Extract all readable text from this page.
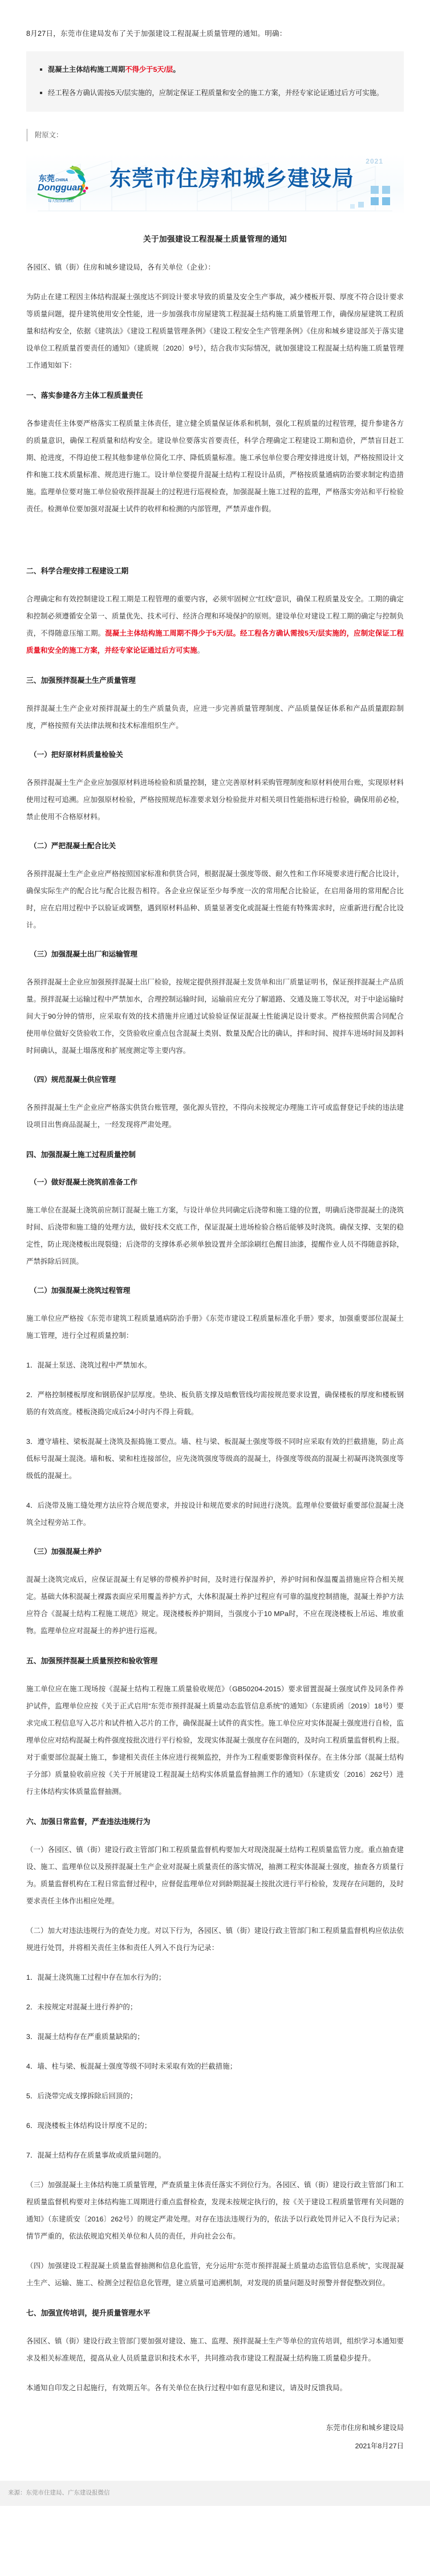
8月27日，东莞市住建局发布了关于加强建设工程混凝土质量管理的通知。明确：

混凝土主体结构施工周期不得少于5天/层。
经工程各方确认需按5天/层实施的，应制定保证工程质量和安全的施工方案，并经专家论证通过后方可实施。
附原文：
2021
东莞 CHINA
Dongguan
每天绽放新精彩
东莞市住房和城乡建设局
关于加强建设工程混凝土质量管理的通知

各园区、镇（街）住房和城乡建设局，各有关单位（企业）：

为防止在建工程因主体结构混凝土强度达不到设计要求导致的质量及安全生产事故，减少楼板开裂、厚度不符合设计要求等质量问题，提升建筑使用安全性能，进一步加强我市房屋建筑工程混凝土结构施工质量管理工作，确保房屋建筑工程质量和结构安全，依据《建筑法》《建设工程质量管理条例》《建设工程安全生产管理条例》《住房和城乡建设部关于落实建设单位工程质量首要责任的通知》（建质规〔2020〕9号），结合我市实际情况，就加强建设工程混凝土结构施工质量管理工作通知如下：

一、落实参建各方主体工程质量责任

各参建责任主体要严格落实工程质量主体责任，建立健全质量保证体系和机制，强化工程质量的过程管理，提升参建各方的质量意识，确保工程质量和结构安全。建设单位要落实首要责任，科学合理确定工程建设工期和造价，严禁盲目赶工期、抢进度，不得迫使工程其他参建单位简化工序、降低质量标准。施工承包单位要合理安排进度计划，严格按照设计文件和施工技术质量标准、规范进行施工。设计单位要提升混凝土结构工程设计品质，严格按质量通病防治要求制定构造措施。监理单位要对施工单位验收预拌混凝土的过程进行巡视检查，加强混凝土施工过程的监理，严格落实旁站和平行检验责任。检测单位要加强对混凝土试件的收样和检测的内部管理，严禁弄虚作假。

二、科学合理安排工程建设工期

合理确定和有效控制建设工程工期是工程管理的重要内容，必须牢固树立“红线”意识，确保工程质量及安全。工期的确定和控制必须遵循安全第一、质量优先、技术可行、经济合理和环境保护的原则。建设单位对建设工程工期的确定与控制负责，不得随意压缩工期。混凝土主体结构施工周期不得少于5天/层。经工程各方确认需按5天/层实施的，应制定保证工程质量和安全的施工方案，并经专家论证通过后方可实施。

三、加强预拌混凝土生产质量管理

预拌混凝土生产企业对预拌混凝土的生产质量负责，应进一步完善质量管理制度、产品质量保证体系和产品质量跟踪制度，严格按照有关法律法规和技术标准组织生产。

（一）把好原材料质量检验关

各预拌混凝土生产企业应加强原材料进场检验和质量控制，建立完善原材料采购管理制度和原材料使用台账，实现原材料使用过程可追溯。应加强原材检验，严格按照规范标准要求划分检验批并对相关项目性能指标进行检验，确保用前必检，禁止使用不合格原材料。

（二）严把混凝土配合比关

各预拌混凝土生产企业应严格按照国家标准和供货合同，根据混凝土强度等级、耐久性和工作环境要求进行配合比设计，确保实际生产的配合比与配合比报告相符。各企业应保证至少每季度一次的常用配合比验证，在启用备用的常用配合比时，应在启用过程中予以验证或调整，遇到原材料品种、质量显著变化或混凝土性能有特殊需求时，应重新进行配合比设计。

（三）加强混凝土出厂和运输管理

各预拌混凝土企业应加强预拌混凝土出厂检验，按规定提供预拌混凝土发货单和出厂质量证明书，保证预拌混凝土产品质量。预拌混凝土运输过程中严禁加水，合理控制运输时间，运输前应充分了解道路、交通及施工等状况，对于中途运输时间大于90分钟的情形，应采取有效的技术措施并应通过试验验证保证混凝土性能满足设计要求。严格按照供需合同配合使用单位做好交货验收工作，交货验收应重点包含混凝土类别、数量及配合比的确认，拌和时间、搅拌车进场时间及卸料时间确认，混凝土塌落度和扩展度测定等主要内容。

（四）规范混凝土供应管理

各预拌混凝土生产企业应严格落实供货台账管理，强化源头管控，不得向未按规定办理施工许可或监督登记手续的违法建设项目出售商品混凝土，一经发现将严肃处理。

四、加强混凝土施工过程质量控制
（一）做好混凝土浇筑前准备工作

施工单位在混凝土浇筑前应制订混凝土施工方案，与设计单位共同确定后浇带和施工缝的位置，明确后浇带混凝土的浇筑时间、后浇带和施工缝的处理方法，做好技术交底工作，保证混凝土进场检验合格后能够及时浇筑。确保支撑、支架的稳定性，防止现浇楼板出现裂缝；后浇带的支撑体系必须单独设置并全部涂刷红色醒目油漆，提醒作业人员不得随意拆除，严禁拆除后回顶。

（二）加强混凝土浇筑过程管理

施工单位应严格按《东莞市建筑工程质量通病防治手册》《东莞市建设工程质量标准化手册》要求，加强重要部位混凝土施工管理，进行全过程质量控制：

1．混凝土泵送、浇筑过程中严禁加水。

2．严格控制楼板厚度和钢筋保护层厚度。垫块、板负筋支撑及暗敷管线均需按规范要求设置，确保楼板的厚度和楼板钢筋的有效高度。楼板浇捣完成后24小时内不得上荷载。

3．遵守墙柱、梁板混凝土浇筑及振捣施工要点。墙、柱与梁、板混凝土强度等级不同时应采取有效的拦截措施，防止高低标号混凝土混浇。墙和板、梁和柱连接部位，应先浇筑强度等级高的混凝土，待强度等级高的混凝土初凝再浇筑强度等级低的混凝土。

4．后浇带及施工缝处理方法应符合规范要求，并按设计和规范要求的时间进行浇筑。监理单位要做好重要部位混凝土浇筑全过程旁站工作。

（三）加强混凝土养护

混凝土浇筑完成后，应保证混凝土有足够的带模养护时间，及时进行保湿养护，养护时间和保温覆盖措施应符合相关规定。基础大体积混凝土裸露表面应采用覆盖养护方式，大体积混凝土养护过程应有可靠的温度控制措施，混凝土养护方法应符合《混凝土结构工程施工规范》规定。现浇楼板养护期间，当强度小于10 MPa时，不应在现浇楼板上吊运、堆放重物。监理单位应对混凝土的养护进行巡视。

五、加强预拌混凝土质量预控和验收管理

施工单位应在施工现场按《混凝土结构工程施工质量验收规范》（GB50204-2015）要求留置混凝土强度试件及同条件养护试件，监理单位应按《关于正式启用“东莞市预拌混凝土质量动态监管信息系统”的通知》（东建质函〔2019〕18号）要求完成工程信息写入芯片和试件植入芯片的工作，确保混凝土试件的真实性。施工单位应对实体混凝土强度进行自检，监理单位应对结构混凝土构件强度按批次进行平行检验，发现实体混凝土强度存在问题的，及时向工程质量监督机构上报。对于重要部位混凝土施工，参建相关责任主体应进行视频监控，并作为工程重要影像资料保存。在主体分部（混凝土结构子分部）质量验收前应按《关于开展建设工程混凝土结构实体质量监督抽测工作的通知》（东建质安〔2016〕262号）进行主体结构实体质量监督抽测。

六、加强日常监督，严查违法违规行为

（一）各园区、镇（街）建设行政主管部门和工程质量监督机构要加大对现浇混凝土结构工程质量监管力度。重点抽查建设、施工、监理单位以及预拌混凝土生产企业对混凝土质量责任的落实情况，抽测工程实体混凝土强度，抽查各方质量行为。质量监督机构在工程日常监督过程中，应督促监理单位对到龄期混凝土按批次进行平行检验，发现存在问题的，及时要求责任主体作出相应处理。

（二）加大对违法违规行为的查处力度。对以下行为，各园区、镇（街）建设行政主管部门和工程质量监督机构应依法依规进行处罚，并将相关责任主体和责任人列入不良行为记录：

1．混凝土浇筑施工过程中存在加水行为的；

2．未按规定对混凝土进行养护的；

3．混凝土结构存在严重质量缺陷的；

4．墙、柱与梁、板混凝土强度等级不同时未采取有效的拦截措施；

5．后浇带完成支撑拆除后回顶的；

6．现浇楼板主体结构设计厚度不足的；

7．混凝土结构存在质量事故或质量问题的。

（三）加强混凝土主体结构施工质量管理，严查质量主体责任落实不到位行为。各园区、镇（街）建设行政主管部门和工程质量监督机构要对主体结构施工周期进行重点监督检查，发现未按规定执行的，按《关于建设工程质量管理有关问题的通知》（东建质安〔2016〕262号）的规定严肃处理。对存在违法违规行为的，依法予以行政处罚并记入不良行为记录；情节严重的，依法依规追究相关单位和人员的责任，并向社会公布。

（四）加强建设工程混凝土质量监督抽测和信息化监管，充分运用“东莞市预拌混凝土质量动态监管信息系统”，实现混凝土生产、运输、施工、检测全过程信息化管理，建立质量可追溯机制，对发现的质量问题及时预警并督促整改到位。

七、加强宣传培训，提升质量管理水平

各园区、镇（街）建设行政主管部门要加强对建设、施工、监理、预拌混凝土生产等单位的宣传培训，组织学习本通知要求及相关标准规范，提高从业人员质量意识和技术水平，共同推动我市建设工程混凝土结构施工质量稳步提升。

本通知自印发之日起施行，有效期五年。各有关单位在执行过程中如有意见和建议，请及时反馈我局。

东莞市住房和城乡建设局
2021年8月27日
来源：东莞市住建局、广东建设报微信
